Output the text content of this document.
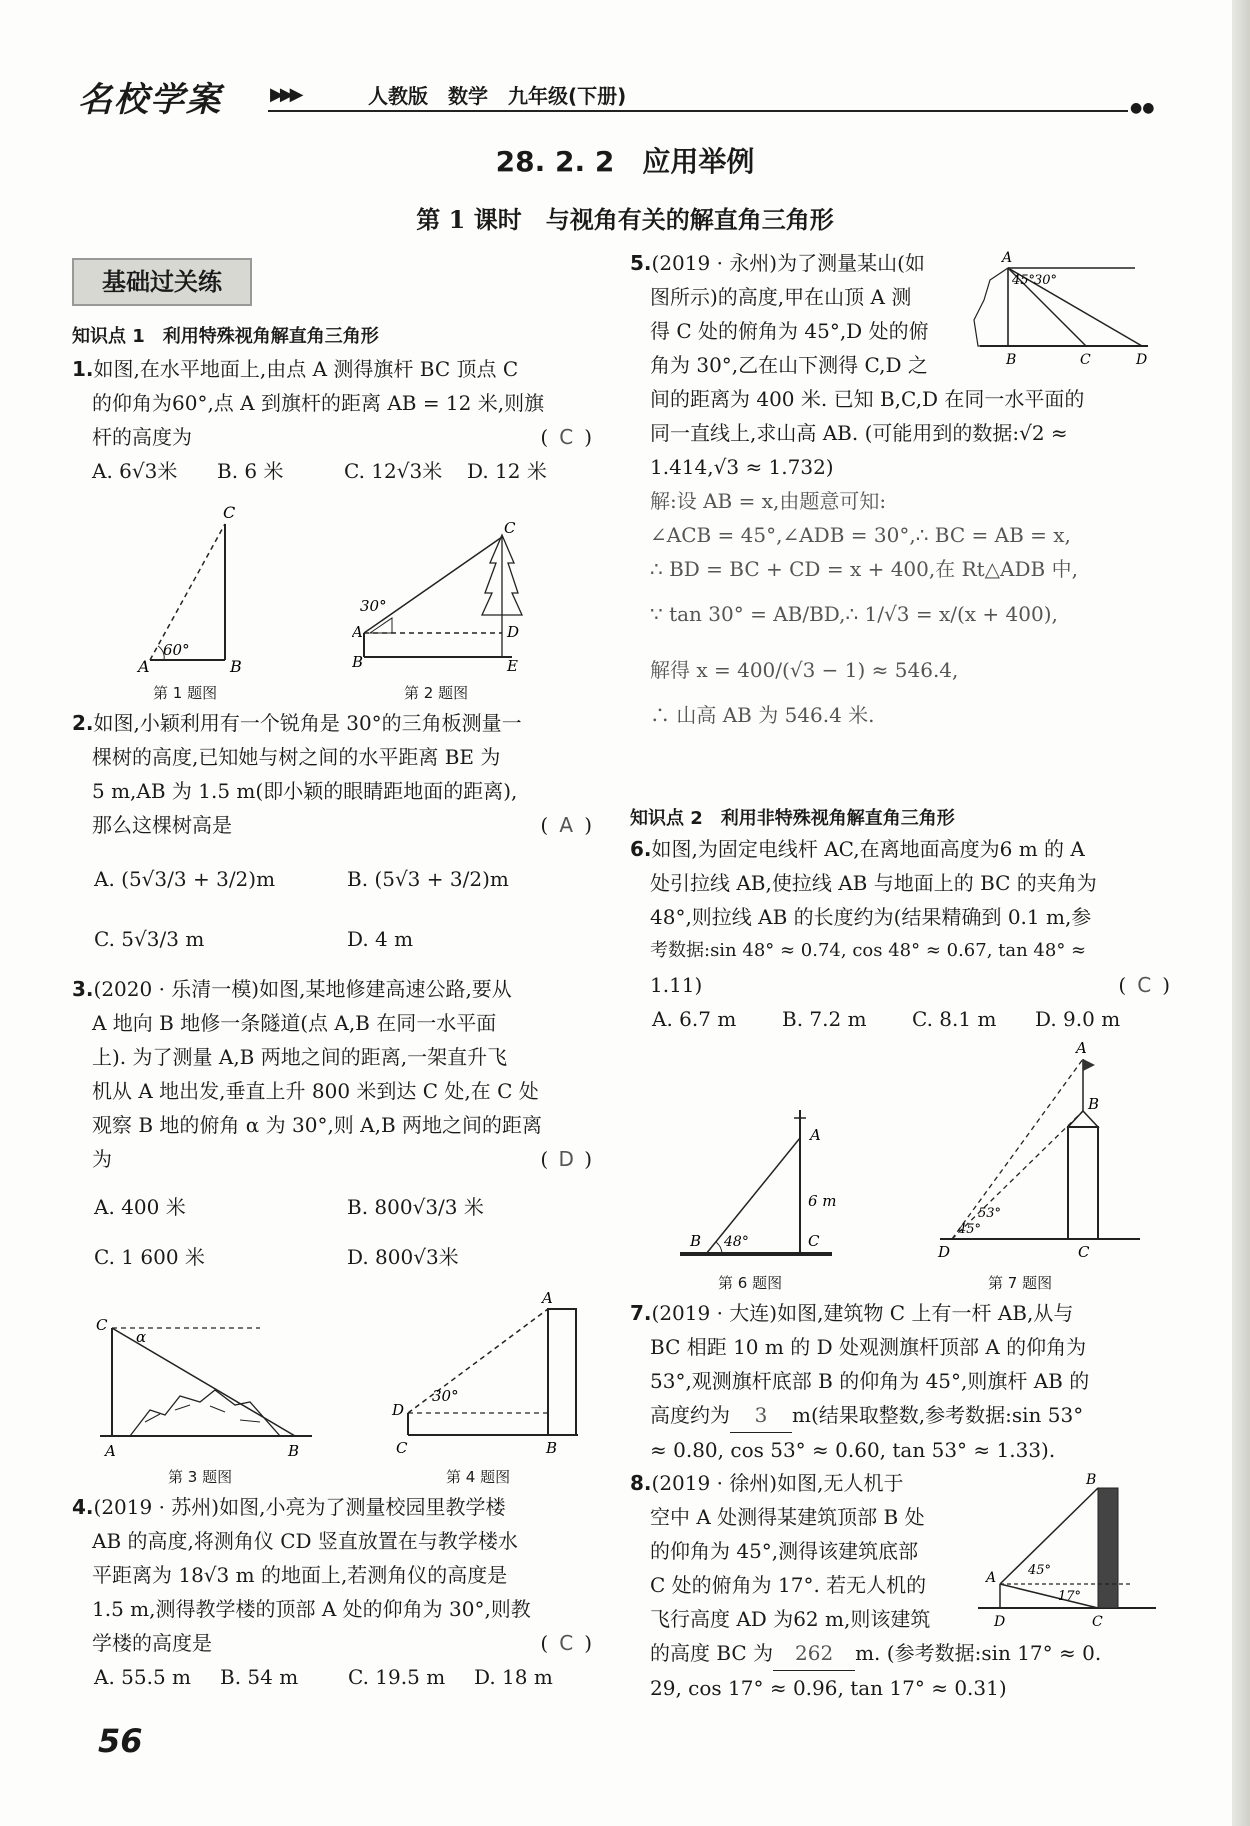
名校学案	▶▶▶	人教版　数学　九年级(下册)	●●
28. 2. 2　应用举例
第 1 课时　与视角有关的解直角三角形
基础过关练
知识点 1　利用特殊视角解直角三角形
1.如图,在水平地面上,由点 A 测得旗杆 BC 顶点 C
的仰角为60°,点 A 到旗杆的距离 AB = 12 米,则旗
杆的高度为	( C )
A. 6√3米 B. 6 米	C. 12√3米 D. 12 米
60°
A	B
C
第 1 题图
30°
A
B
C
D
E
第 2 题图
2.如图,小颖利用有一个锐角是 30°的三角板测量一
棵树的高度,已知她与树之间的水平距离 BE 为
5 m,AB 为 1.5 m(即小颖的眼睛距地面的距离),
那么这棵树高是	( A )
A. (5√3/3 + 3/2)m	B. (5√3 + 3/2)m
C. 5√3/3 m	D. 4 m
3.(2020 · 乐清一模)如图,某地修建高速公路,要从
A 地向 B 地修一条隧道(点 A,B 在同一水平面
上). 为了测量 A,B 两地之间的距离,一架直升飞
机从 A 地出发,垂直上升 800 米到达 C 处,在 C 处
观察 B 地的俯角 α 为 30°,则 A,B 两地之间的距离
为	( D )
A. 400 米	B. 800√3/3 米
C. 1 600 米	D. 800√3米
α
C
A	B
第 3 题图
30°
D
C
A
B
第 4 题图
4.(2019 · 苏州)如图,小亮为了测量校园里教学楼
AB 的高度,将测角仪 CD 竖直放置在与教学楼水
平距离为 18√3 m 的地面上,若测角仪的高度是
1.5 m,测得教学楼的顶部 A 处的仰角为 30°,则教
学楼的高度是	( C )
A. 55.5 m B. 54 m C. 19.5 m D. 18 m
5.(2019 · 永州)为了测量某山(如
图所示)的高度,甲在山顶 A 测
得 C 处的俯角为 45°,D 处的俯
角为 30°,乙在山下测得 C,D 之
间的距离为 400 米. 已知 B,C,D 在同一水平面的
同一直线上,求山高 AB. (可能用到的数据:√2 ≈
1.414,√3 ≈ 1.732)
解:设 AB = x,由题意可知:
∠ACB = 45°,∠ADB = 30°,∴ BC = AB = x,
∴ BD = BC + CD = x + 400,在 Rt△ADB 中,
∵ tan 30° = AB/BD,∴ 1/√3 = x/(x + 400),
解得 x = 400/(√3 − 1) ≈ 546.4,
∴ 山高 AB 为 546.4 米.
A
45°
30°
B	C	D
知识点 2　利用非特殊视角解直角三角形
6.如图,为固定电线杆 AC,在离地面高度为6 m 的 A
处引拉线 AB,使拉线 AB 与地面上的 BC 的夹角为
48°,则拉线 AB 的长度约为(结果精确到 0.1 m,参
考数据:sin 48° ≈ 0.74, cos 48° ≈ 0.67, tan 48° ≈
1.11)	( C )
A. 6.7 m B. 7.2 m C. 8.1 m D. 9.0 m
A
6 m
C
B 48°
第 6 题图
A
B
C
D
53°
45°
第 7 题图
7.(2019 · 大连)如图,建筑物 C 上有一杆 AB,从与
BC 相距 10 m 的 D 处观测旗杆顶部 A 的仰角为
53°,观测旗杆底部 B 的仰角为 45°,则旗杆 AB 的
高度约为 3 m(结果取整数,参考数据:sin 53°
≈ 0.80, cos 53° ≈ 0.60, tan 53° ≈ 1.33).
8.(2019 · 徐州)如图,无人机于
空中 A 处测得某建筑顶部 B 处
的仰角为 45°,测得该建筑底部
C 处的俯角为 17°. 若无人机的
飞行高度 AD 为62 m,则该建筑
的高度 BC 为 262 m. (参考数据:sin 17° ≈ 0.
29, cos 17° ≈ 0.96, tan 17° ≈ 0.31)
A
B
C
D
45°
17°
56
